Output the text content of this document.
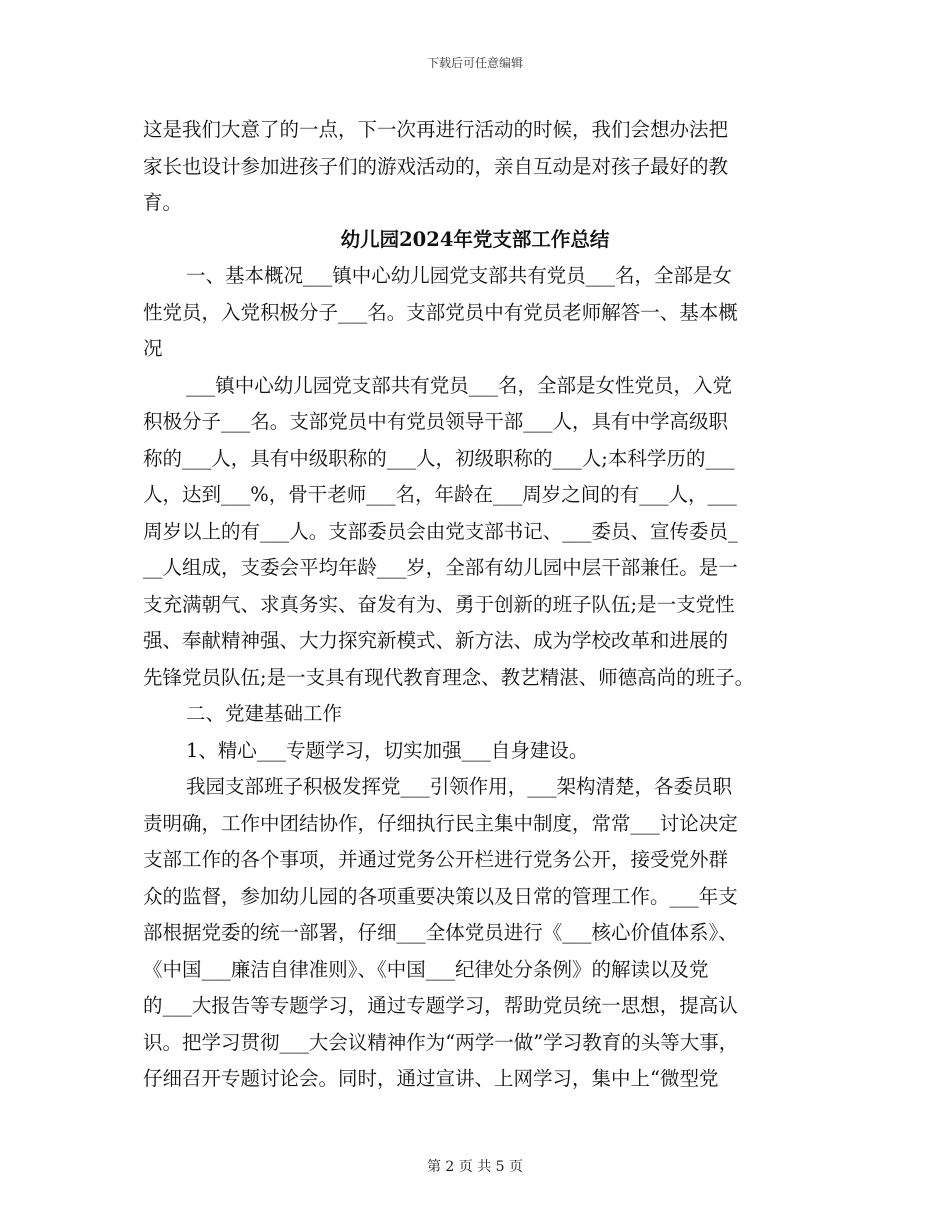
下载后可任意编辑
这是我们大意了的一点，下一次再进行活动的时候，我们会想办法把
家长也设计参加进孩子们的游戏活动的，亲自互动是对孩子最好的教
育。
幼儿园2024年党支部工作总结
一、基本概况___镇中心幼儿园党支部共有党员___名，全部是女
性党员，入党积极分子___名。支部党员中有党员老师解答一、基本概
况
___镇中心幼儿园党支部共有党员___名，全部是女性党员，入党
积极分子___名。支部党员中有党员领导干部___人，具有中学高级职
称的___人，具有中级职称的___人，初级职称的___人;本科学历的___
人，达到___%，骨干老师___名，年龄在___周岁之间的有___人，___
周岁以上的有___人。支部委员会由党支部书记、___委员、宣传委员_
__人组成，支委会平均年龄___岁，全部有幼儿园中层干部兼任。是一
支充满朝气、求真务实、奋发有为、勇于创新的班子队伍;是一支党性
强、奉献精神强、大力探究新模式、新方法、成为学校改革和进展的
先锋党员队伍;是一支具有现代教育理念、教艺精湛、师德高尚的班子。
二、党建基础工作
1、精心___专题学习，切实加强___自身建设。
我园支部班子积极发挥党___引领作用，___架构清楚，各委员职
责明确，工作中团结协作，仔细执行民主集中制度，常常___讨论决定
支部工作的各个事项，并通过党务公开栏进行党务公开，接受党外群
众的监督，参加幼儿园的各项重要决策以及日常的管理工作。___年支
部根据党委的统一部署，仔细___全体党员进行《___核心价值体系》、
《中国___廉洁自律准则》、《中国___纪律处分条例》的解读以及党
的___大报告等专题学习，通过专题学习，帮助党员统一思想，提高认
识。把学习贯彻___大会议精神作为“两学一做”学习教育的头等大事，
仔细召开专题讨论会。同时，通过宣讲、上网学习，集中上“微型党
第 2 页 共 5 页
